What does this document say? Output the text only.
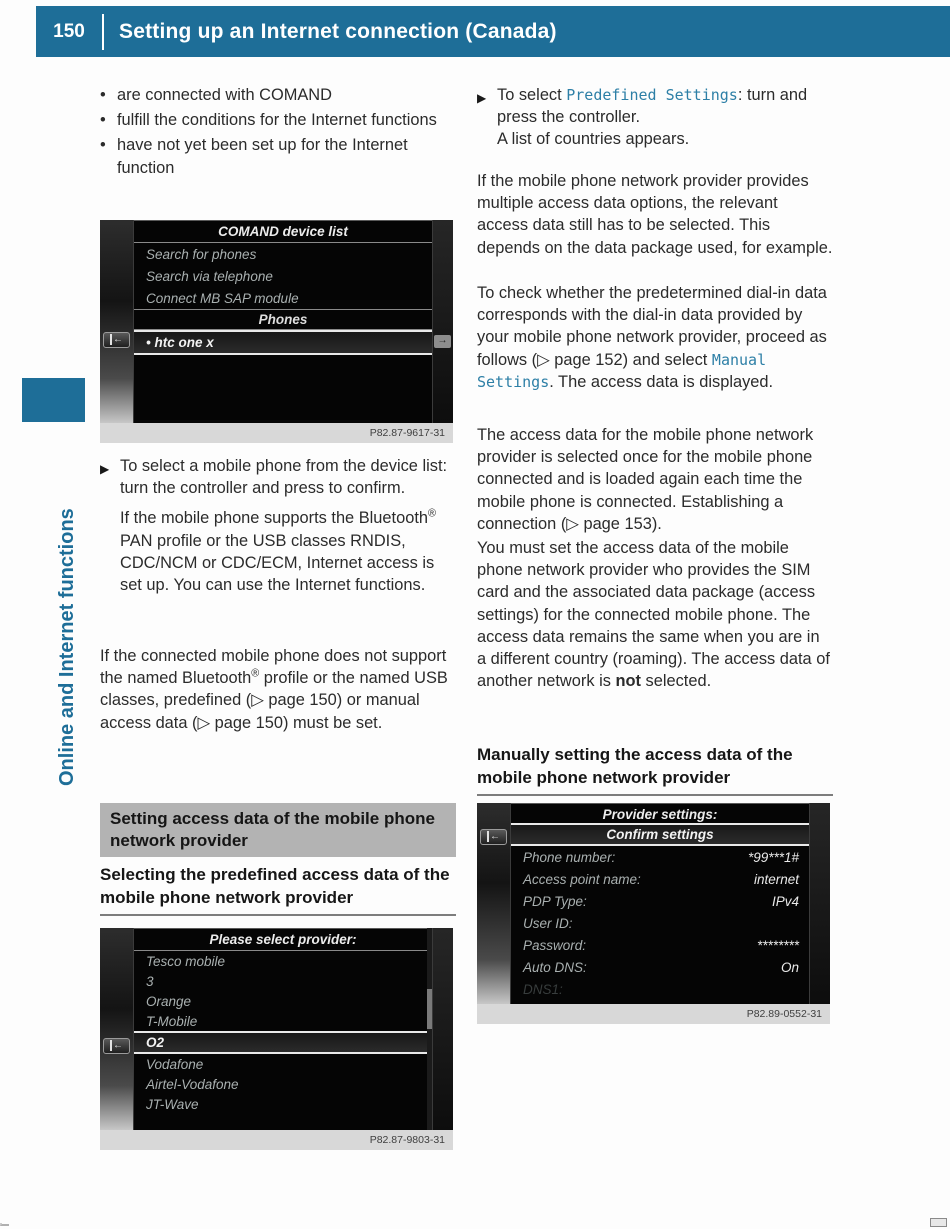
150	Setting up an Internet connection (Canada)
Online and Internet functions
• are connected with COMAND
• fulfill the conditions for the Internet functions
• have not yet been set up for the Internet function
COMAND device list
Search for phones
Search via telephone
Connect MB SAP module
Phones
• htc one x
←	→
P82.87-9617-31
▶ To select a mobile phone from the device list: turn the controller and press to confirm.

If the mobile phone supports the Bluetooth® PAN profile or the USB classes RNDIS, CDC/NCM or CDC/ECM, Internet access is set up. You can use the Internet functions.

If the connected mobile phone does not support the named Bluetooth® profile or the named USB classes, predefined (▷ page 150) or manual access data (▷ page 150) must be set.

Setting access data of the mobile phone network provider
Selecting the predefined access data of the mobile phone network provider
Please select provider:
Tesco mobile
3
Orange
T-Mobile
O2
Vodafone
Airtel-Vodafone
JT-Wave
←
P82.87-9803-31
▶ To select Predefined Settings: turn and press the controller.

A list of countries appears.

If the mobile phone network provider provides multiple access data options, the relevant access data still has to be selected. This depends on the data package used, for example.

To check whether the predetermined dial-in data corresponds with the dial-in data provided by your mobile phone network provider, proceed as follows (▷ page 152) and select Manual Settings. The access data is displayed.

The access data for the mobile phone network provider is selected once for the mobile phone connected and is loaded again each time the mobile phone is connected. Establishing a connection (▷ page 153).

You must set the access data of the mobile phone network provider who provides the SIM card and the associated data package (access settings) for the connected mobile phone. The access data remains the same when you are in a different country (roaming). The access data of another network is not selected.

Manually setting the access data of the mobile phone network provider
Provider settings:
Confirm settings
Phone number:	*99***1#
Access point name:	internet
PDP Type:	IPv4
User ID:
Password:	********
Auto DNS:	On
DNS1:
←
P82.89-0552-31
